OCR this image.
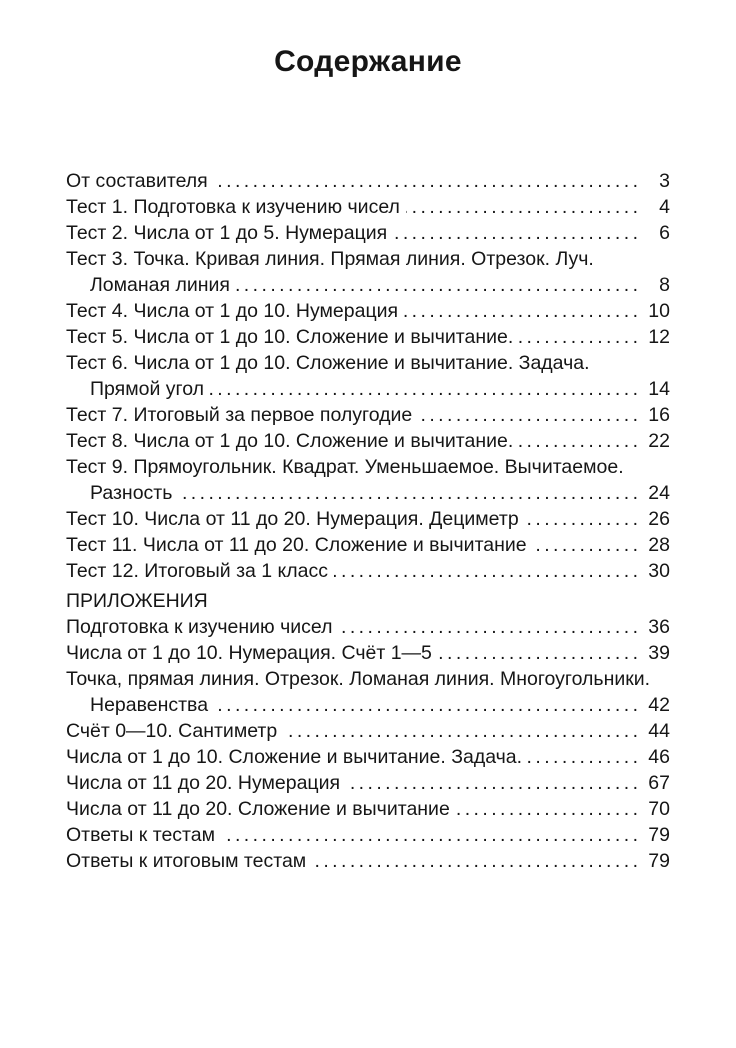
Содержание
От составителя . . .	3
Тест 1. Подготовка к изучению чисел . . .	4
Тест 2. Числа от 1 до 5. Нумерация . . .	6
Тест 3. Точка. Кривая линия. Прямая линия. Отрезок. Луч.
Ломаная линия . . .	8
Тест 4. Числа от 1 до 10. Нумерация . . .	10
Тест 5. Числа от 1 до 10. Сложение и вычитание. . . .	12
Тест 6. Числа от 1 до 10. Сложение и вычитание. Задача.
Прямой угол . . .	14
Тест 7. Итоговый за первое полугодие . . .	16
Тест 8. Числа от 1 до 10. Сложение и вычитание. . . .	22
Тест 9. Прямоугольник. Квадрат. Уменьшаемое. Вычитаемое.
Разность . . .	24
Тест 10. Числа от 11 до 20. Нумерация. Дециметр . . .	26
Тест 11. Числа от 11 до 20. Сложение и вычитание . . .	28
Тест 12. Итоговый за 1 класс . . .	30
ПРИЛОЖЕНИЯ
Подготовка к изучению чисел . . .	36
Числа от 1 до 10. Нумерация. Счёт 1—5 . . .	39
Точка, прямая линия. Отрезок. Ломаная линия. Многоугольники.
Неравенства . . .	42
Счёт 0—10. Сантиметр . . .	44
Числа от 1 до 10. Сложение и вычитание. Задача. . . .	46
Числа от 11 до 20. Нумерация . . .	67
Числа от 11 до 20. Сложение и вычитание . . .	70
Ответы к тестам . . .	79
Ответы к итоговым тестам . . .	79
